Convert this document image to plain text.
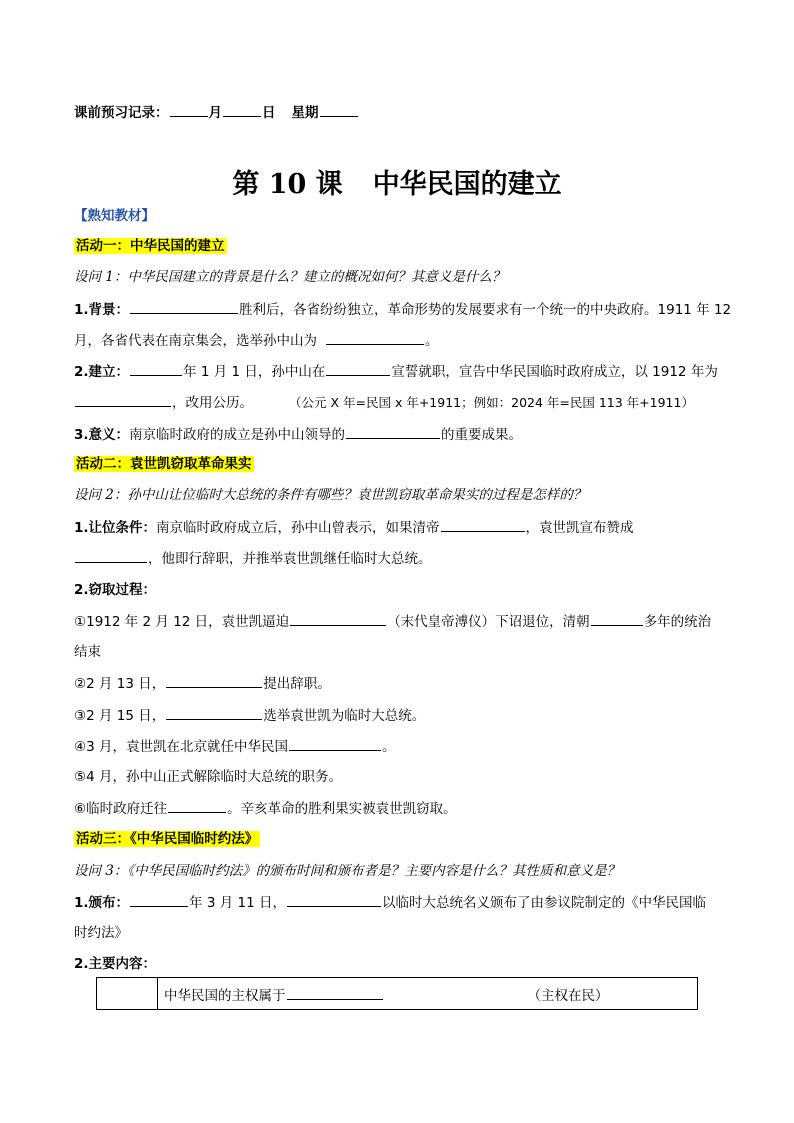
课前预习记录：	月	日 星期
第 10 课 中华民国的建立
【熟知教材】
活动一：中华民国的建立
设问 1：中华民国建立的背景是什么？建立的概况如何？其意义是什么？
1.背景：	胜利后，各省纷纷独立，革命形势的发展要求有一个统一的中央政府。1911 年 12
月，各省代表在南京集会，选举孙中山为	。
2.建立：	年 1 月 1 日，孙中山在	宣誓就职，宣告中华民国临时政府成立，以 1912 年为
，改用公历。	（公元 X 年=民国 x 年+1911；例如：2024 年=民国 113 年+1911）
3.意义：南京临时政府的成立是孙中山领导的	的重要成果。
活动二：袁世凯窃取革命果实
设问 2：孙中山让位临时大总统的条件有哪些？袁世凯窃取革命果实的过程是怎样的？
1.让位条件：南京临时政府成立后，孙中山曾表示，如果清帝	，袁世凯宣布赞成
，他即行辞职，并推举袁世凯继任临时大总统。
2.窃取过程：
①1912 年 2 月 12 日，袁世凯逼迫	（末代皇帝溥仪）下诏退位，清朝	多年的统治
结束
②2 月 13 日，	提出辞职。
③2 月 15 日，	选举袁世凯为临时大总统。
④3 月，袁世凯在北京就任中华民国	。
⑤4 月，孙中山正式解除临时大总统的职务。
⑥临时政府迁往	。辛亥革命的胜利果实被袁世凯窃取。
活动三：《中华民国临时约法》
设问 3：《中华民国临时约法》的颁布时间和颁布者是？主要内容是什么？其性质和意义是？
1.颁布：	年 3 月 11 日，	以临时大总统名义颁布了由参议院制定的《中华民国临
时约法》
2.主要内容：
	中华民国的主权属于	（主权在民）
